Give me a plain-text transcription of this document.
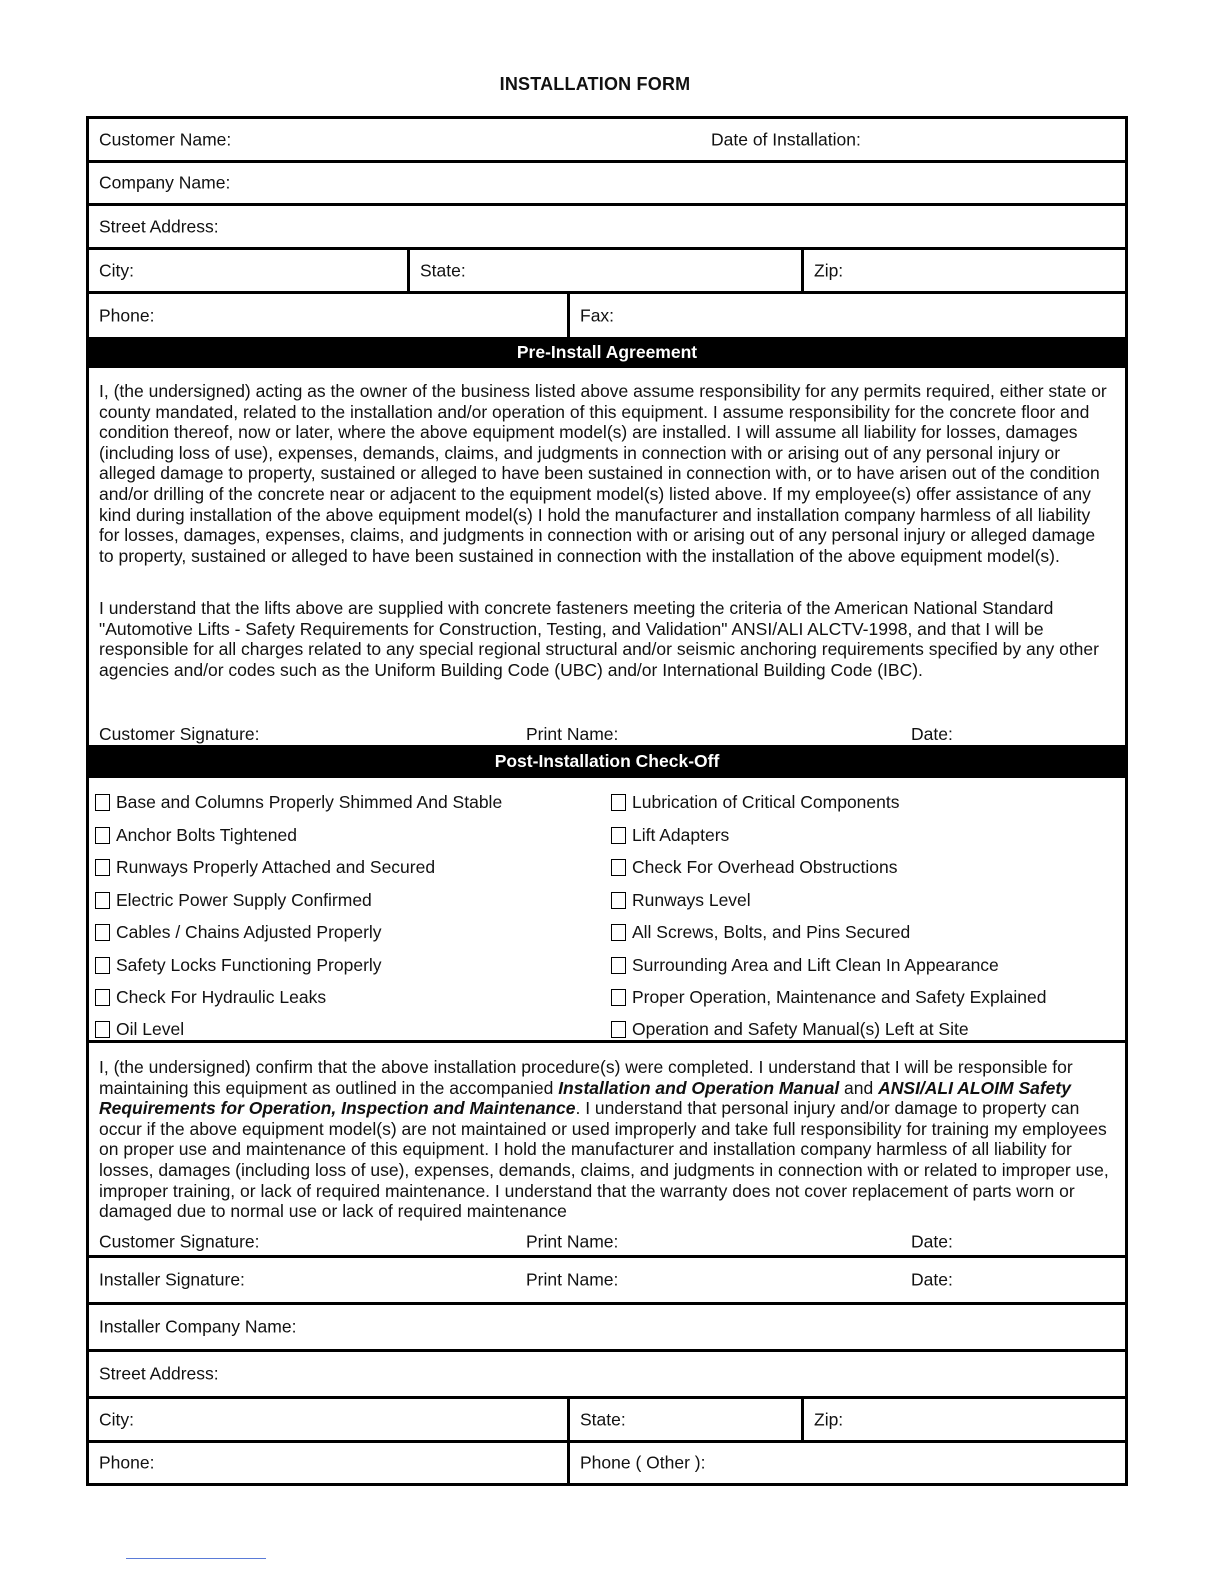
INSTALLATION FORM
Customer Name:	Date of Installation:
Company Name:
Street Address:
City:	State:	Zip:
Phone:	Fax:
Pre-Install Agreement
I, (the undersigned) acting as the owner of the business listed above assume responsibility for any permits required, either state or county mandated, related to the installation and/or operation of this equipment. I assume responsibility for the concrete floor and condition thereof, now or later, where the above equipment model(s) are installed. I will assume all liability for losses, damages (including loss of use), expenses, demands, claims, and judgments in connection with or arising out of any personal injury or alleged damage to property, sustained or alleged to have been sustained in connection with, or to have arisen out of the condition and/or drilling of the concrete near or adjacent to the equipment model(s) listed above. If my employee(s) offer assistance of any kind during installation of the above equipment model(s) I hold the manufacturer and installation company harmless of all liability for losses, damages, expenses, claims, and judgments in connection with or arising out of any personal injury or alleged damage to property, sustained or alleged to have been sustained in connection with the installation of the above equipment model(s).
I understand that the lifts above are supplied with concrete fasteners meeting the criteria of the American National Standard "Automotive Lifts - Safety Requirements for Construction, Testing, and Validation" ANSI/ALI ALCTV-1998, and that I will be responsible for all charges related to any special regional structural and/or seismic anchoring requirements specified by any other agencies and/or codes such as the Uniform Building Code (UBC) and/or International Building Code (IBC).
Customer Signature:	Print Name:	Date:
Post-Installation Check-Off
Base and Columns Properly Shimmed And Stable
Anchor Bolts Tightened
Runways Properly Attached and Secured
Electric Power Supply Confirmed
Cables / Chains Adjusted Properly
Safety Locks Functioning Properly
Check For Hydraulic Leaks
Oil Level
Lubrication of Critical Components
Lift Adapters
Check For Overhead Obstructions
Runways Level
All Screws, Bolts, and Pins Secured
Surrounding Area and Lift Clean In Appearance
Proper Operation, Maintenance and Safety Explained
Operation and Safety Manual(s) Left at Site
I, (the undersigned) confirm that the above installation procedure(s) were completed. I understand that I will be responsible for maintaining this equipment as outlined in the accompanied Installation and Operation Manual and ANSI/ALI ALOIM Safety Requirements for Operation, Inspection and Maintenance. I understand that personal injury and/or damage to property can occur if the above equipment model(s) are not maintained or used improperly and take full responsibility for training my employees on proper use and maintenance of this equipment. I hold the manufacturer and installation company harmless of all liability for losses, damages (including loss of use), expenses, demands, claims, and judgments in connection with or related to improper use, improper training, or lack of required maintenance. I understand that the warranty does not cover replacement of parts worn or damaged due to normal use or lack of required maintenance
Customer Signature:	Print Name:	Date:
Installer Signature:	Print Name:	Date:
Installer Company Name:
Street Address:
City:	State:	Zip:
Phone:	Phone ( Other ):
